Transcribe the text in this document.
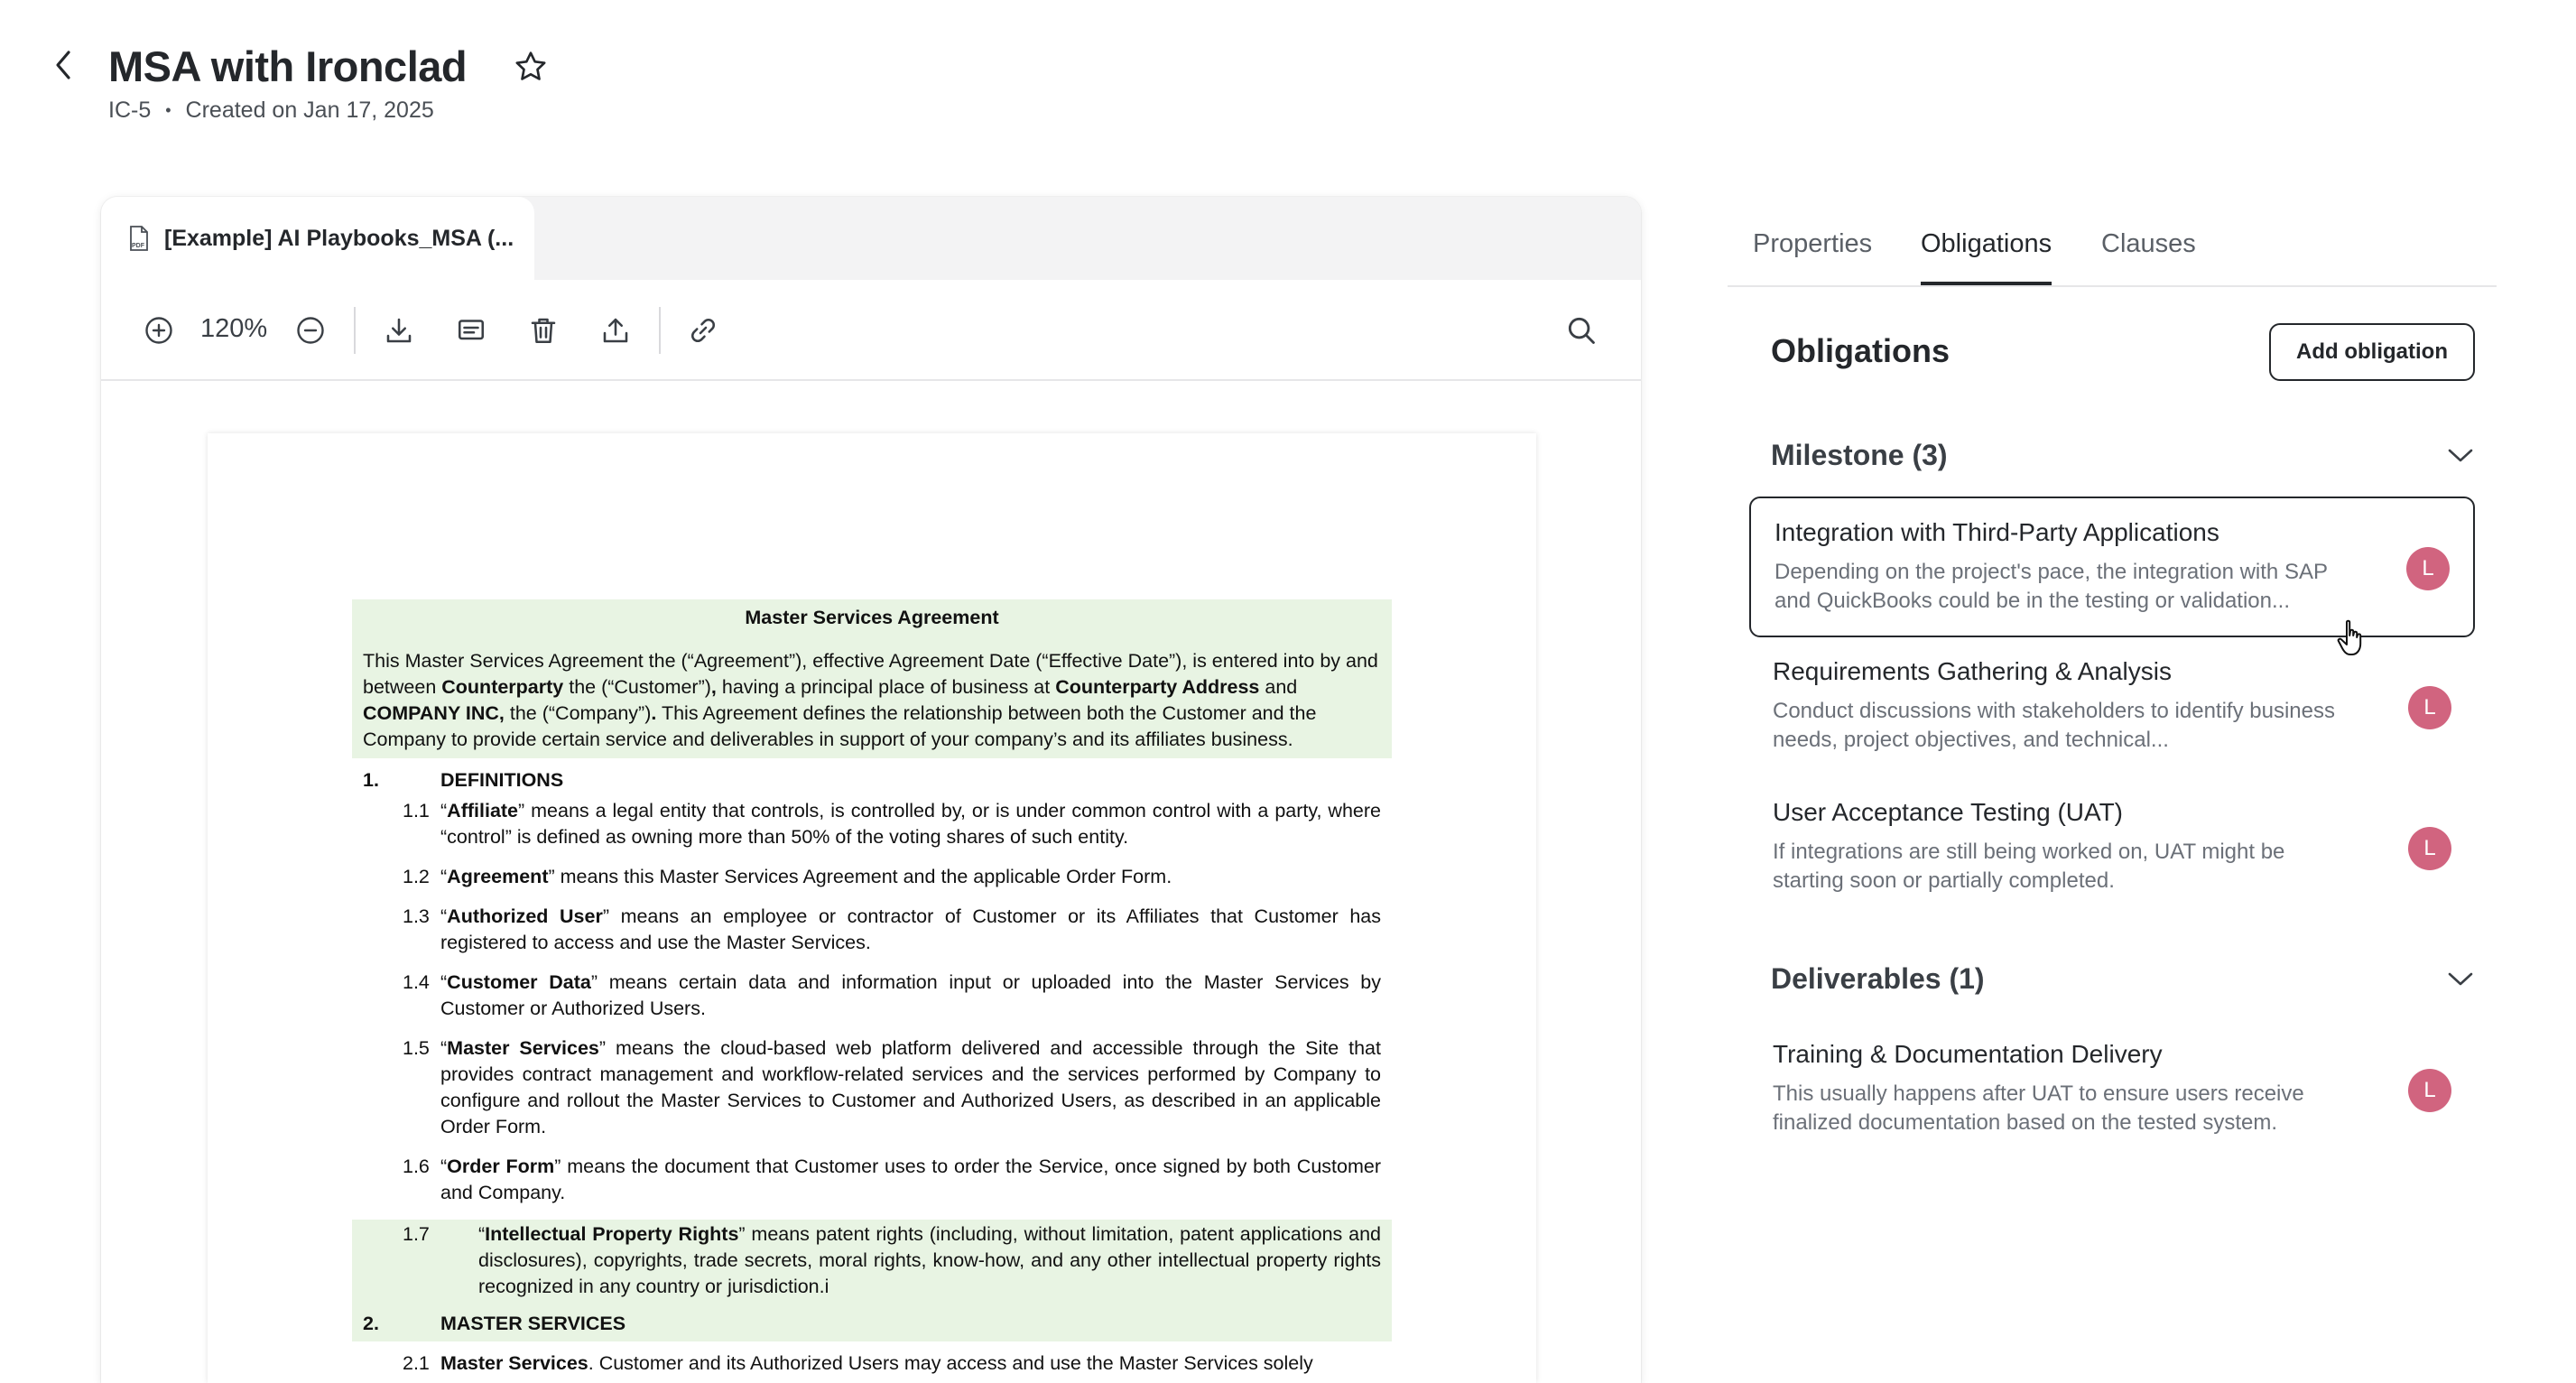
MSA with Ironclad
IC-5 • Created on Jan 17, 2025
PDF [Example] AI Playbooks_MSA (...
120%
Master Services Agreement
This Master Services Agreement the (“Agreement”), effective Agreement Date (“Effective Date”), is entered into by and between Counterparty the (“Customer”), having a principal place of business at Counterparty Address and COMPANY INC, the (“Company”). This Agreement defines the relationship between both the Customer and the Company to provide certain service and deliverables in support of your company’s and its affiliates business.
1.	DEFINITIONS
1.1 “Affiliate” means a legal entity that controls, is controlled by, or is under common control with a party, where “control” is defined as owning more than 50% of the voting shares of such entity.
1.2 “Agreement” means this Master Services Agreement and the applicable Order Form.
1.3 “Authorized User” means an employee or contractor of Customer or its Affiliates that Customer has registered to access and use the Master Services.
1.4 “Customer Data” means certain data and information input or uploaded into the Master Services by Customer or Authorized Users.
1.5 “Master Services” means the cloud-based web platform delivered and accessible through the Site that provides contract management and workflow-related services and the services performed by Company to configure and rollout the Master Services to Customer and Authorized Users, as described in an applicable Order Form.
1.6 “Order Form” means the document that Customer uses to order the Service, once signed by both Customer and Company.
1.7	“Intellectual Property Rights” means patent rights (including, without limitation, patent applications and disclosures), copyrights, trade secrets, moral rights, know-how, and any other intellectual property rights recognized in any country or jurisdiction.i
2.	MASTER SERVICES
2.1 Master Services. Customer and its Authorized Users may access and use the Master Services solely
Properties Obligations Clauses
Obligations	Add obligation
Milestone (3)
Integration with Third-Party Applications
Depending on the project's pace, the integration with SAP and QuickBooks could be in the testing or validation...
L
Requirements Gathering & Analysis
Conduct discussions with stakeholders to identify business needs, project objectives, and technical...
L
User Acceptance Testing (UAT)
If integrations are still being worked on, UAT might be starting soon or partially completed.
L
Deliverables (1)
Training & Documentation Delivery
This usually happens after UAT to ensure users receive finalized documentation based on the tested system.
L
